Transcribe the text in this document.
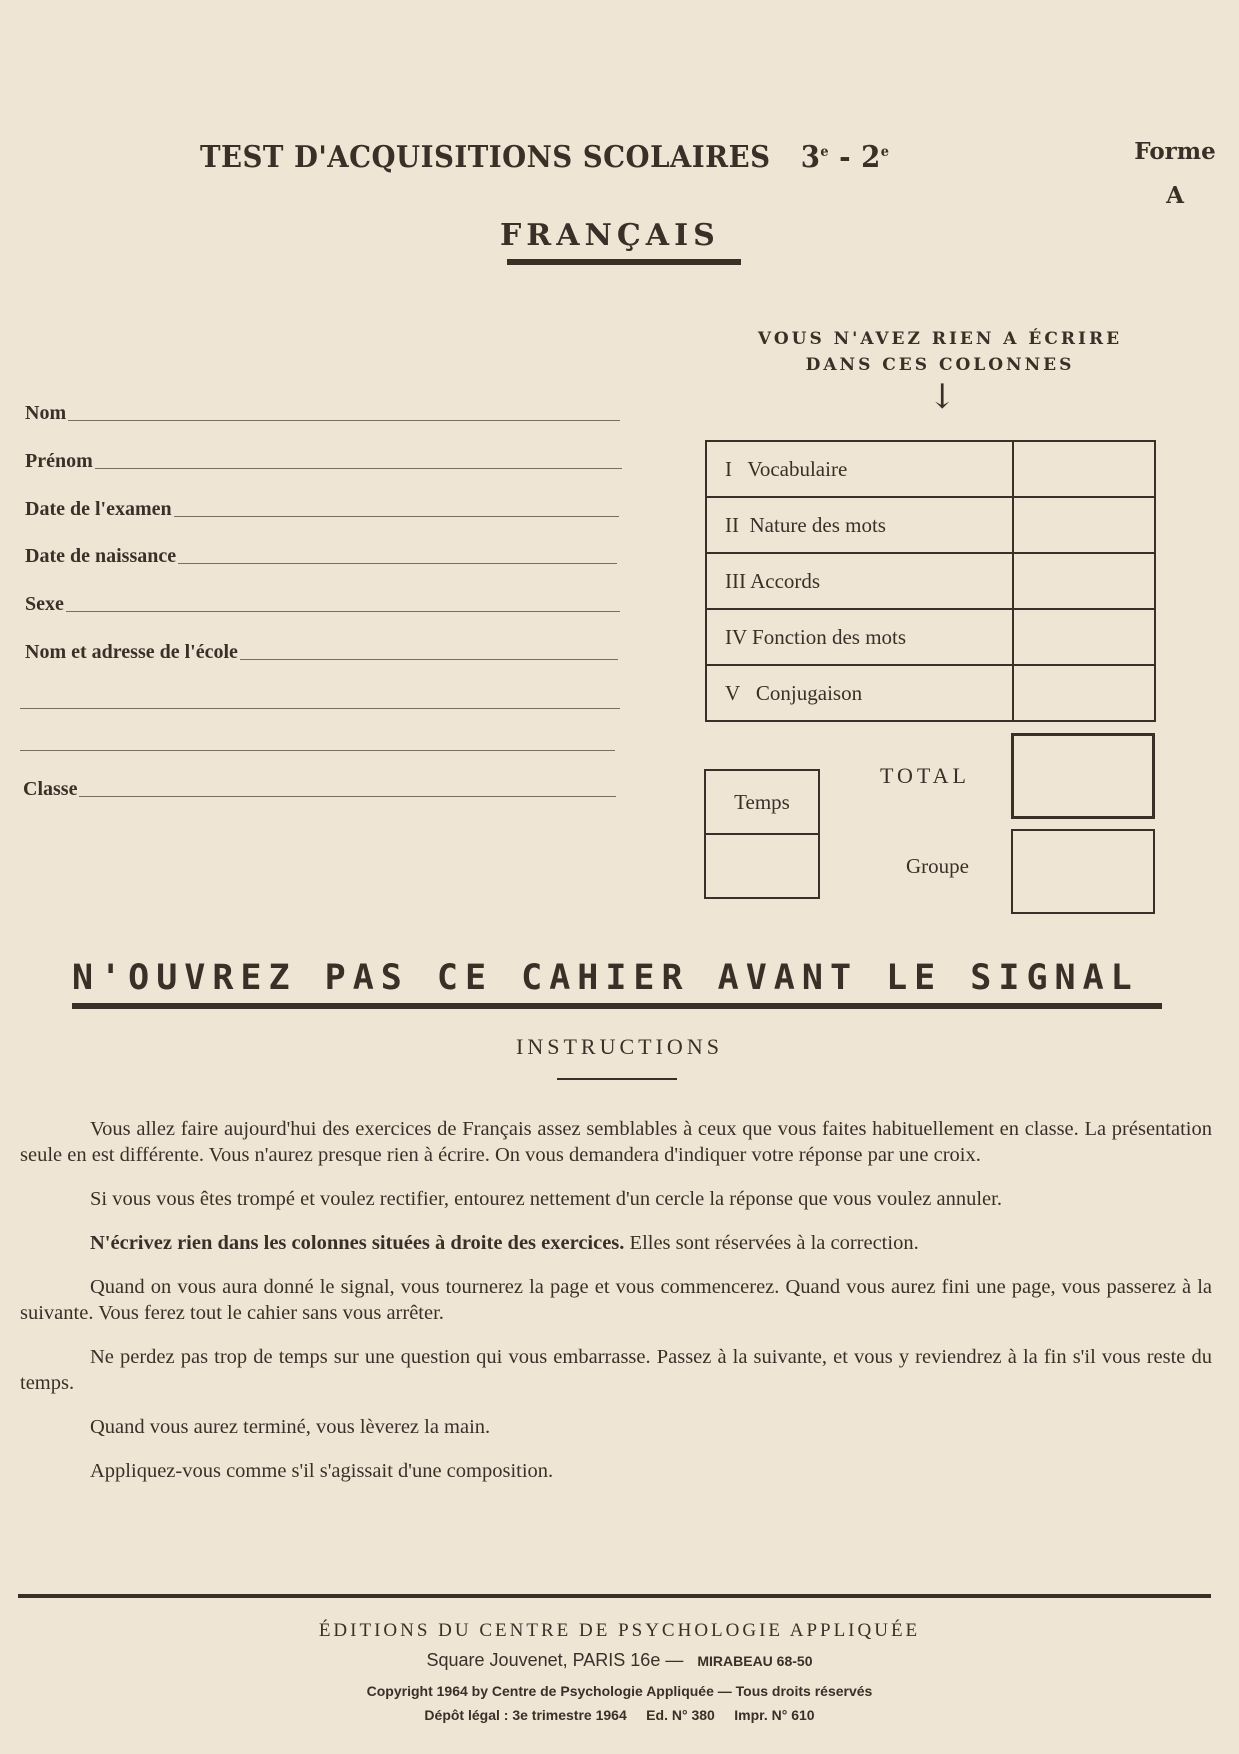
TEST D'ACQUISITIONS SCOLAIRES 3e - 2e	Forme
A
FRANÇAIS
VOUS N'AVEZ RIEN A ÉCRIRE
DANS CES COLONNES
↓
Nom
Prénom
Date de l'examen
Date de naissance
Sexe
Nom et adresse de l'école
Classe
I Vocabulaire	
II Nature des mots	
III Accords	
IV Fonction des mots	
V Conjugaison	
TOTAL
Groupe
Temps
N'OUVREZ PAS CE CAHIER AVANT LE SIGNAL
INSTRUCTIONS

Vous allez faire aujourd'hui des exercices de Français assez semblables à ceux que vous faites habituellement en classe. La présentation seule en est différente. Vous n'aurez presque rien à écrire. On vous demandera d'indiquer votre réponse par une croix.

Si vous vous êtes trompé et voulez rectifier, entourez nettement d'un cercle la réponse que vous voulez annuler.

N'écrivez rien dans les colonnes situées à droite des exercices. Elles sont réservées à la correction.

Quand on vous aura donné le signal, vous tournerez la page et vous commencerez. Quand vous aurez fini une page, vous passerez à la suivante. Vous ferez tout le cahier sans vous arrêter.

Ne perdez pas trop de temps sur une question qui vous embarrasse. Passez à la suivante, et vous y reviendrez à la fin s'il vous reste du temps.

Quand vous aurez terminé, vous lèverez la main.

Appliquez-vous comme s'il s'agissait d'une composition.

ÉDITIONS DU CENTRE DE PSYCHOLOGIE APPLIQUÉE
Square Jouvenet, PARIS 16e — MIRABEAU 68-50
Copyright 1964 by Centre de Psychologie Appliquée — Tous droits réservés
Dépôt légal : 3e trimestre 1964     Ed. N° 380     Impr. N° 610
